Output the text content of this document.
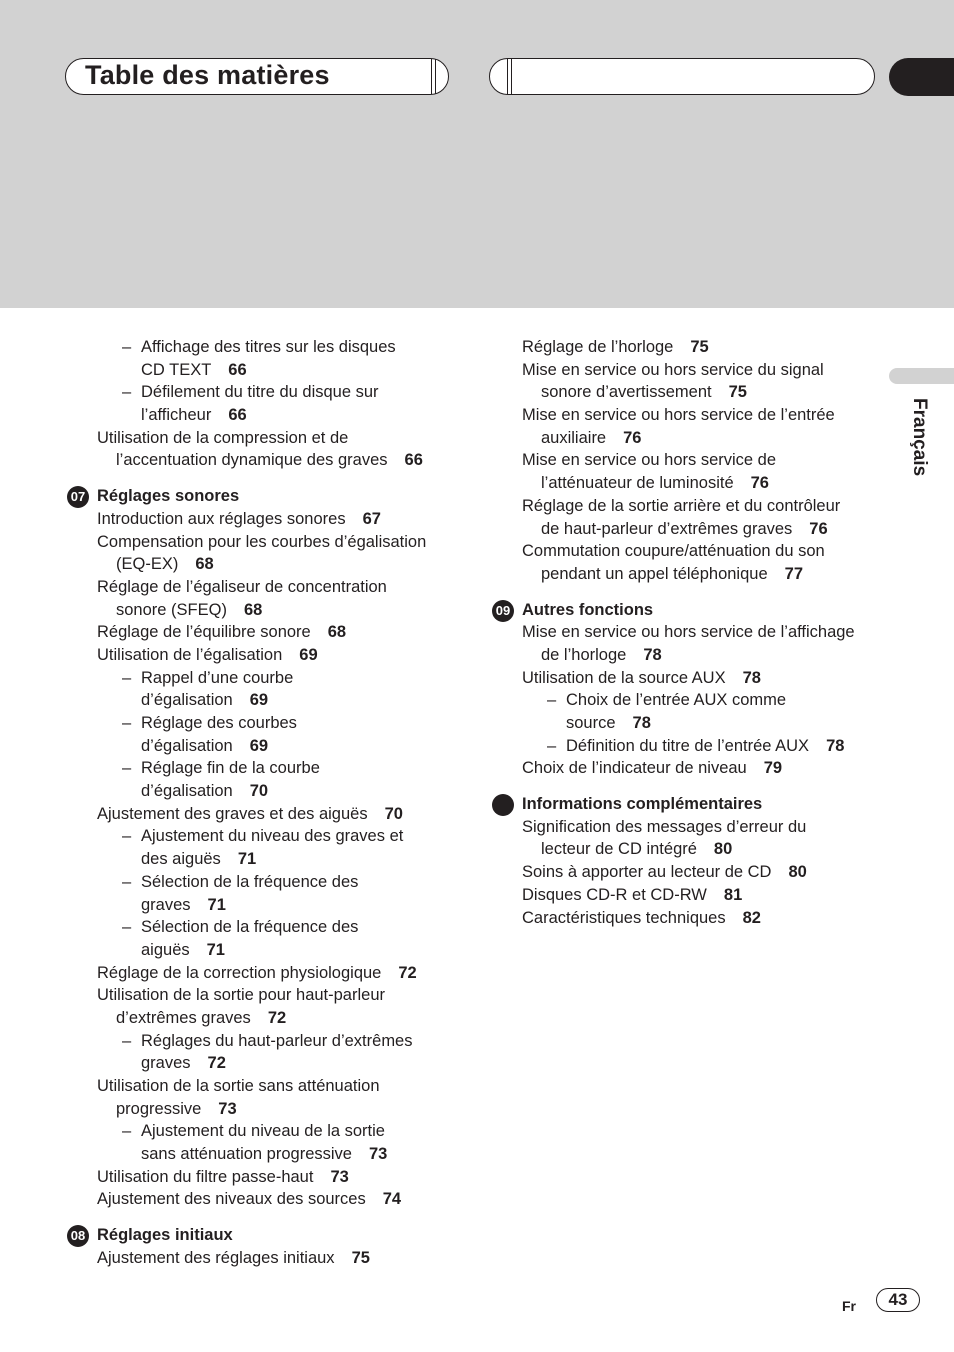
Table des matières
Français
– Affichage des titres sur les disques
CD TEXT 66
– Défilement du titre du disque sur
l’afficheur 66
Utilisation de la compression et de
l’accentuation dynamique des graves 66
07 Réglages sonores
Introduction aux réglages sonores 67
Compensation pour les courbes d’égalisation
(EQ-EX) 68
Réglage de l’égaliseur de concentration
sonore (SFEQ) 68
Réglage de l’équilibre sonore 68
Utilisation de l’égalisation 69
– Rappel d’une courbe
d’égalisation 69
– Réglage des courbes
d’égalisation 69
– Réglage fin de la courbe
d’égalisation 70
Ajustement des graves et des aiguës 70
– Ajustement du niveau des graves et
des aiguës 71
– Sélection de la fréquence des
graves 71
– Sélection de la fréquence des
aiguës 71
Réglage de la correction physiologique 72
Utilisation de la sortie pour haut-parleur
d’extrêmes graves 72
– Réglages du haut-parleur d’extrêmes
graves 72
Utilisation de la sortie sans atténuation
progressive 73
– Ajustement du niveau de la sortie
sans atténuation progressive 73
Utilisation du filtre passe-haut 73
Ajustement des niveaux des sources 74
08 Réglages initiaux
Ajustement des réglages initiaux 75
Réglage de l’horloge 75
Mise en service ou hors service du signal
sonore d’avertissement 75
Mise en service ou hors service de l’entrée
auxiliaire 76
Mise en service ou hors service de
l’atténuateur de luminosité 76
Réglage de la sortie arrière et du contrôleur
de haut-parleur d’extrêmes graves 76
Commutation coupure/atténuation du son
pendant un appel téléphonique 77
09 Autres fonctions
Mise en service ou hors service de l’affichage
de l’horloge 78
Utilisation de la source AUX 78
– Choix de l’entrée AUX comme
source 78
– Définition du titre de l’entrée AUX 78
Choix de l’indicateur de niveau 79
Informations complémentaires
Signification des messages d’erreur du
lecteur de CD intégré 80
Soins à apporter au lecteur de CD 80
Disques CD-R et CD-RW 81
Caractéristiques techniques 82
Fr	43
